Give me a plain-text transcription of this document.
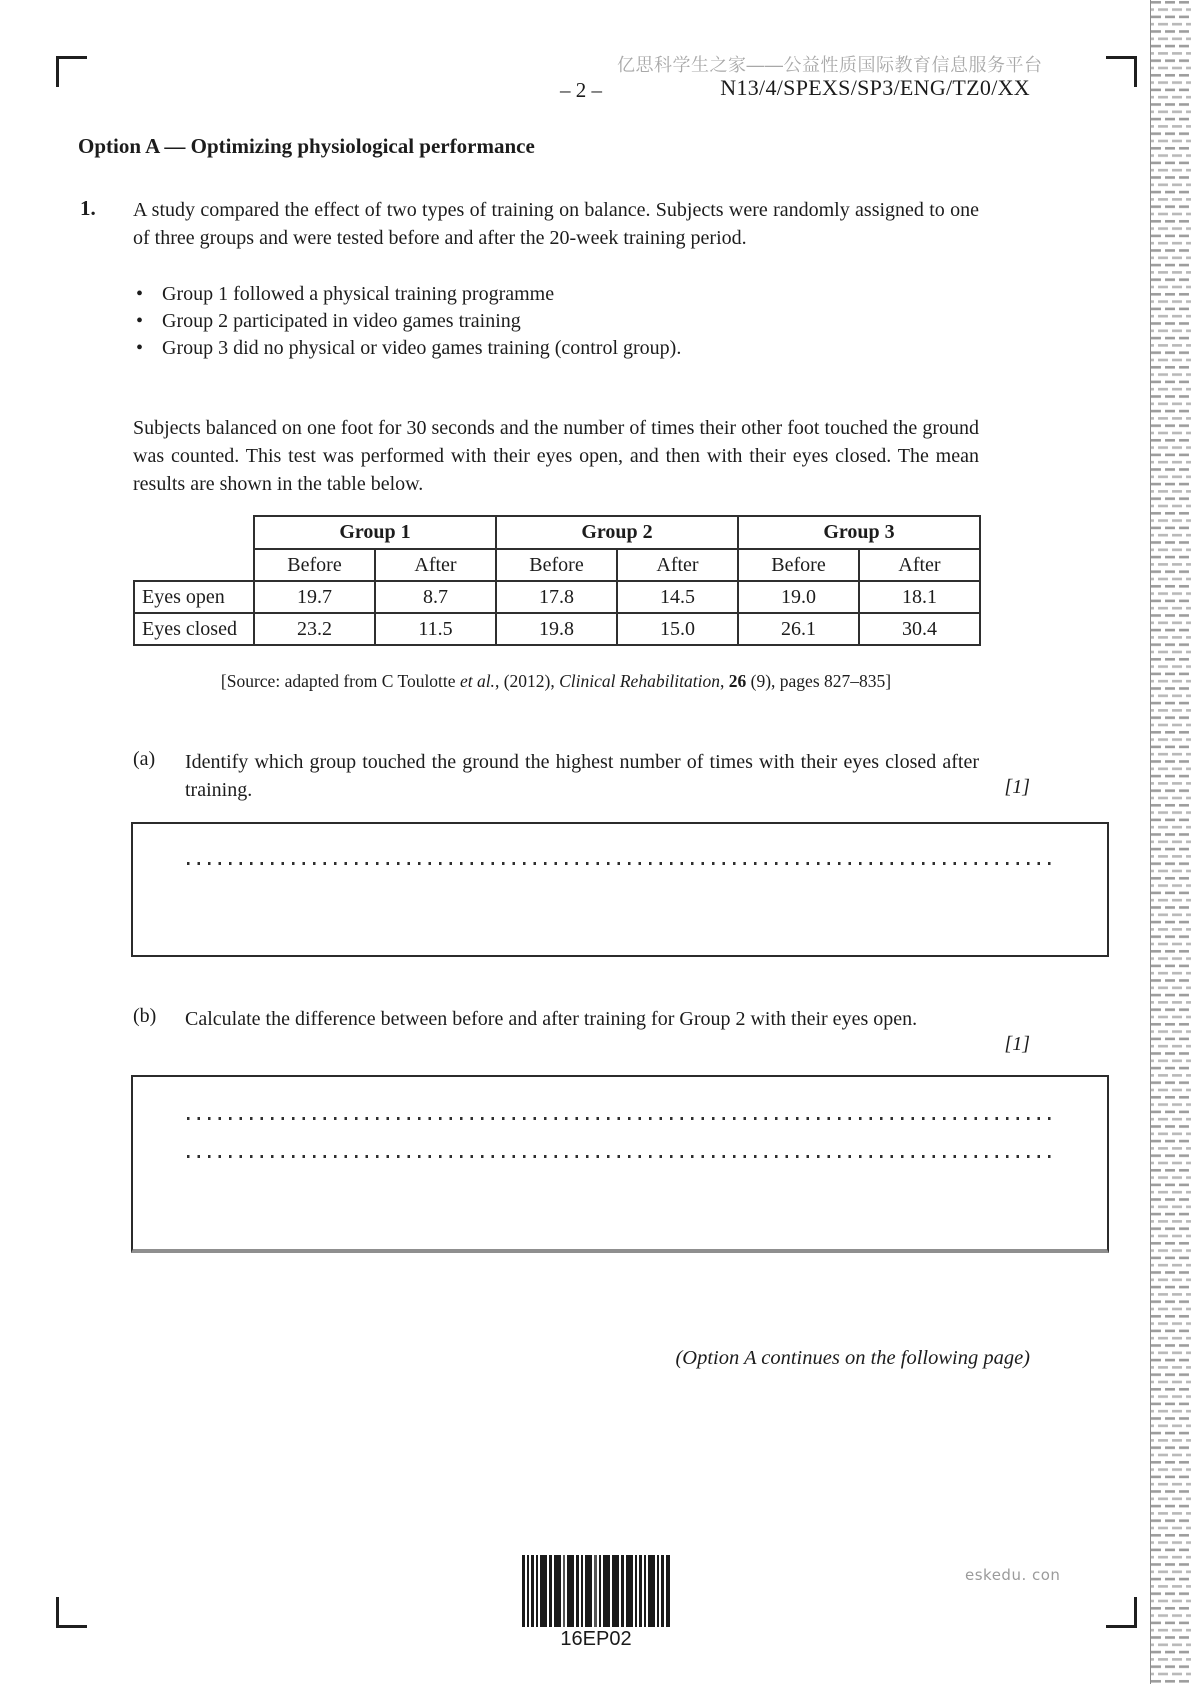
亿思科学生之家——公益性质国际教育信息服务平台
– 2 –	N13/4/SPEXS/SP3/ENG/TZ0/XX
Option A — Optimizing physiological performance
1. A study compared the effect of two types of training on balance. Subjects were randomly assigned to one of three groups and were tested before and after the 20-week training period.
• Group 1 followed a physical training programme
• Group 2 participated in video games training
• Group 3 did no physical or video games training (control group).
Subjects balanced on one foot for 30 seconds and the number of times their other foot touched the ground was counted. This test was performed with their eyes open, and then with their eyes closed. The mean results are shown in the table below.
	Group 1		Group 2		Group 3	
	Before	After	Before	After	Before	After
Eyes open	19.7	8.7	17.8	14.5	19.0	18.1
Eyes closed	23.2	11.5	19.8	15.0	26.1	30.4
[Source: adapted from C Toulotte et al., (2012), Clinical Rehabilitation, 26 (9), pages 827–835]
(a) Identify which group touched the ground the highest number of times with their eyes closed after training.	[1]
(b) Calculate the difference between before and after training for Group 2 with their eyes open.
[1]
(Option A continues on the following page)
16EP02
eskedu. con
